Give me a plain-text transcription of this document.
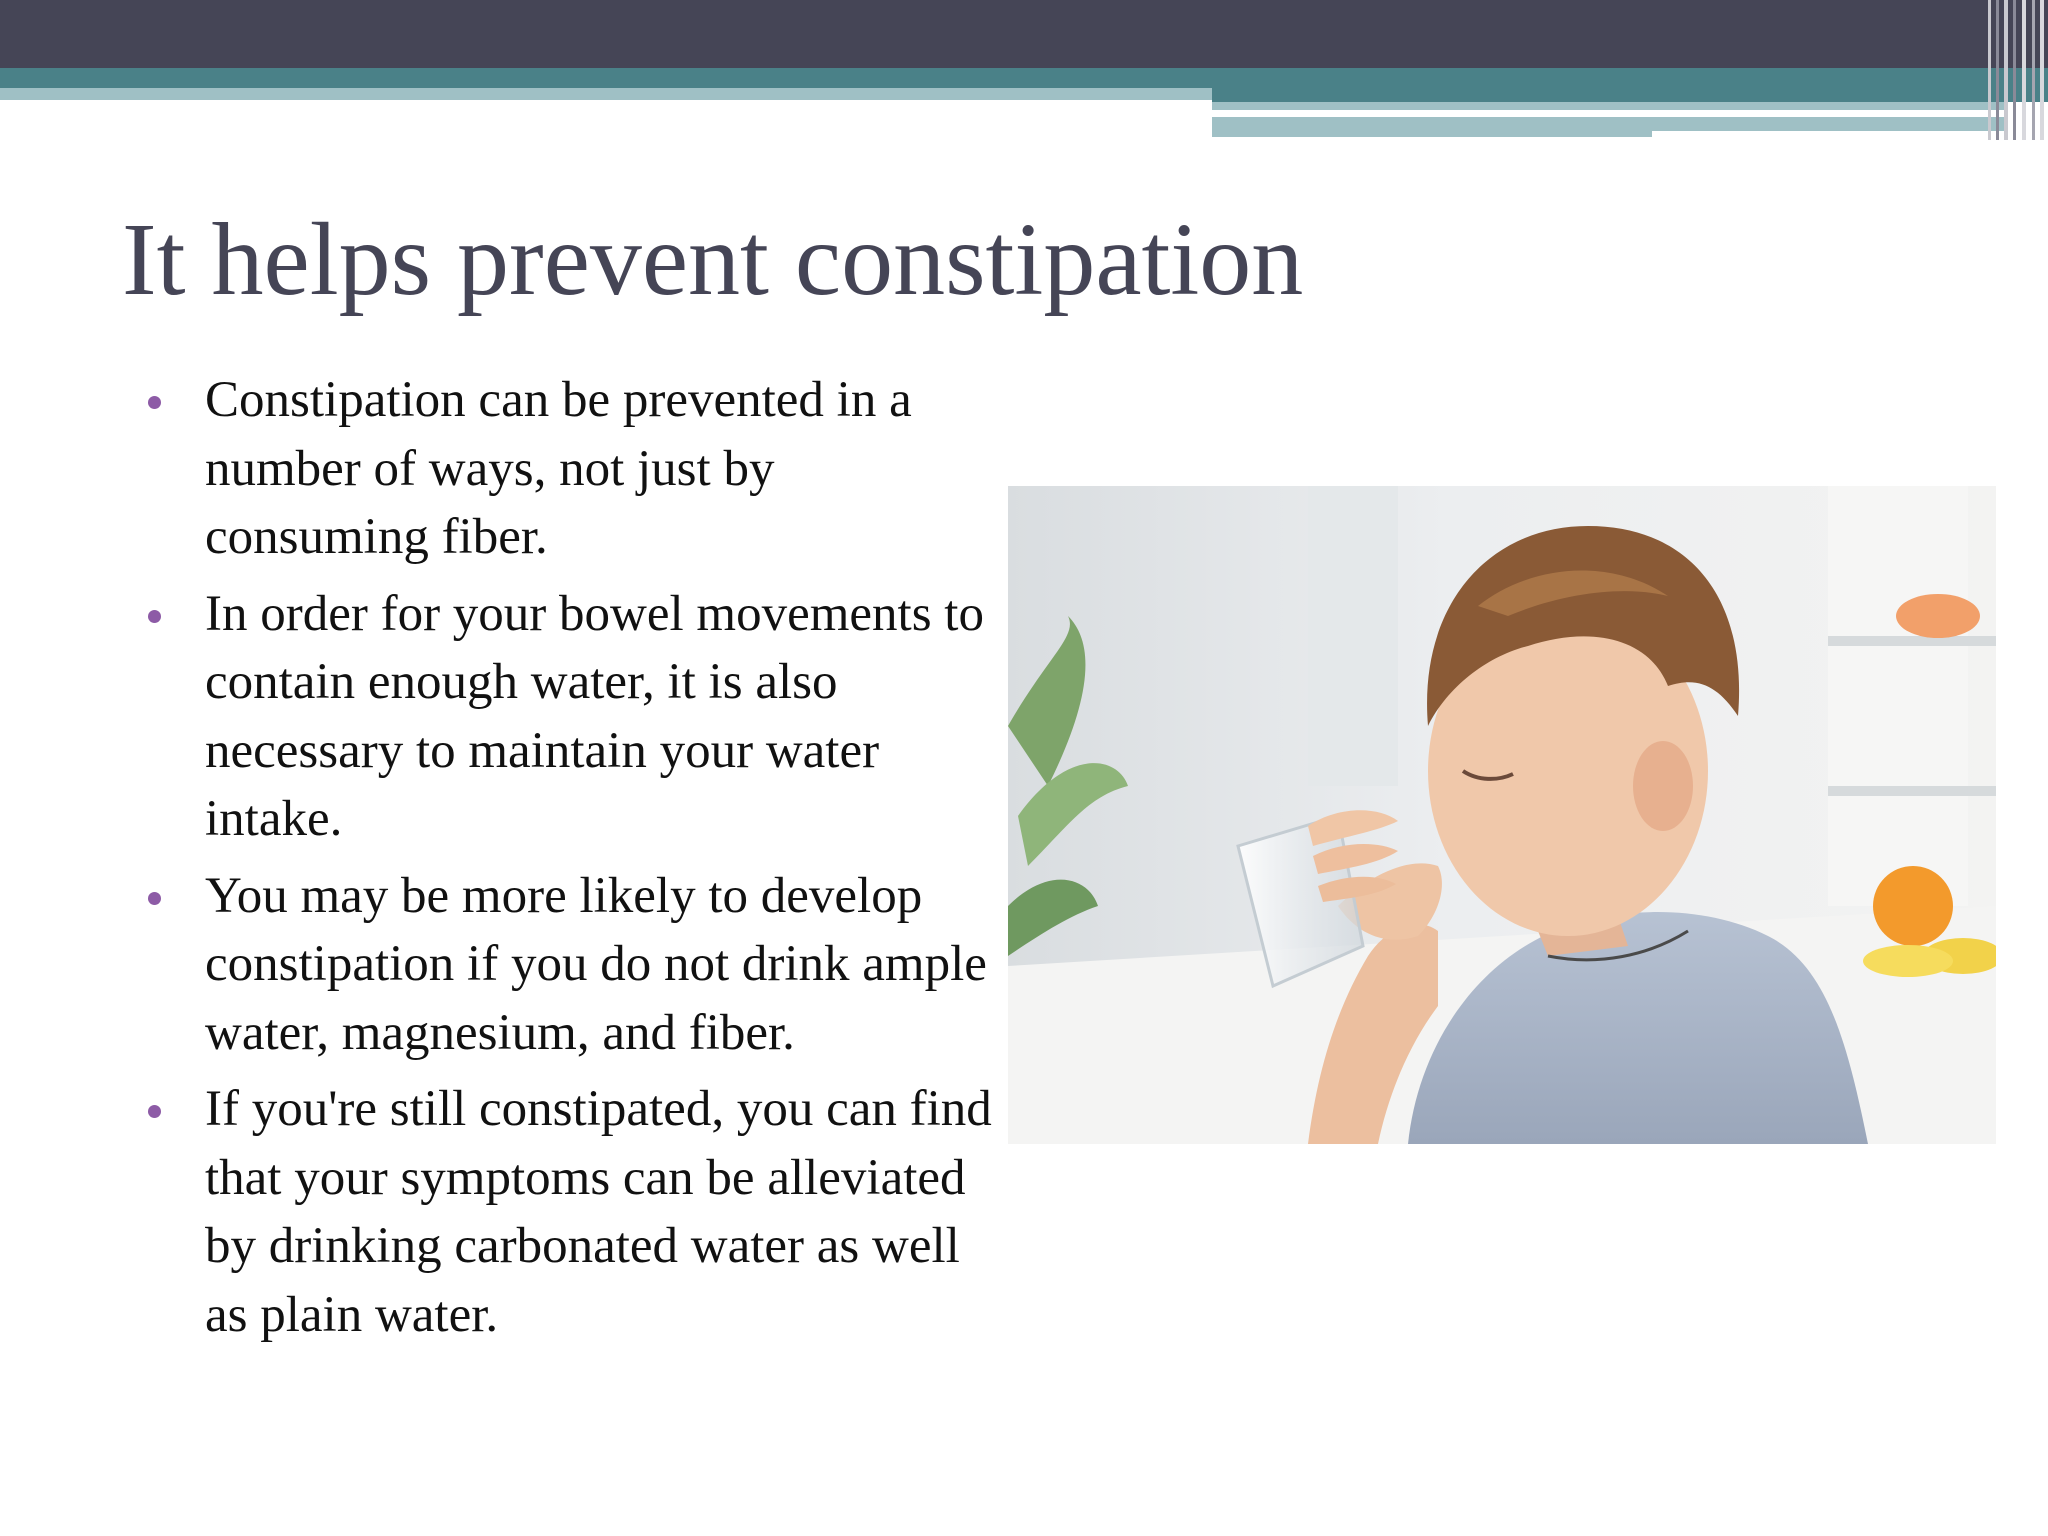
It helps prevent constipation
Constipation can be prevented in a number of ways, not just by consuming fiber.
In order for your bowel movements to contain enough water, it is also necessary to maintain your water intake.
You may be more likely to develop constipation if you do not drink ample water, magnesium, and fiber.
If you're still constipated, you can find that your symptoms can be alleviated by drinking carbonated water as well as plain water.
